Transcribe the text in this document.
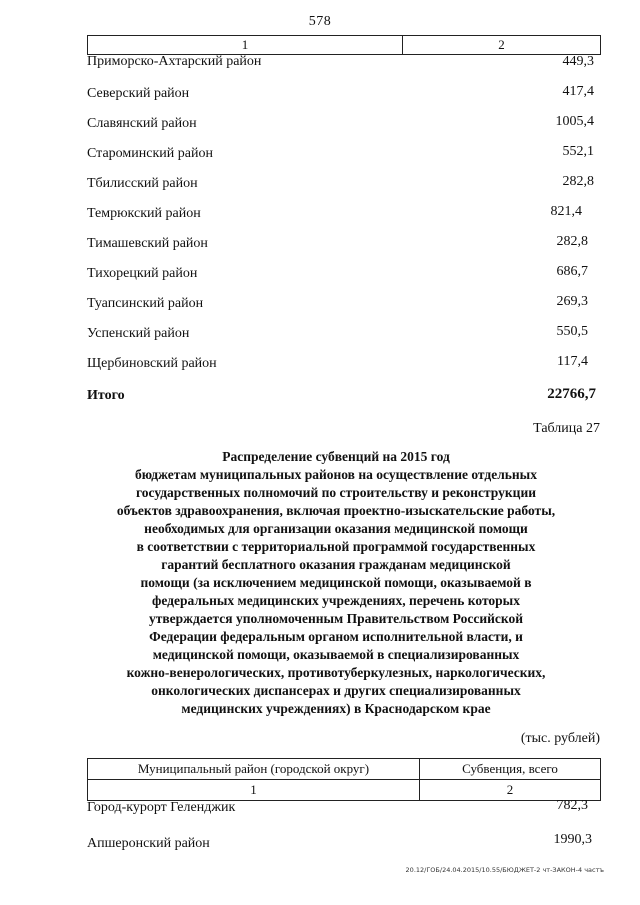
578
1	2
Приморско-Ахтарский район	449,3
Северский район	417,4
Славянский район	1005,4
Староминский район	552,1
Тбилисский район	282,8
Темрюкский район	821,4
Тимашевский район	282,8
Тихорецкий район	686,7
Туапсинский район	269,3
Успенский район	550,5
Щербиновский район	117,4
Итого	22766,7
Таблица 27
Распределение субвенций на 2015 год
бюджетам муниципальных районов на осуществление отдельных
государственных полномочий по строительству и реконструкции
объектов здравоохранения, включая проектно-изыскательские работы,
необходимых для организации оказания медицинской помощи
в соответствии с территориальной программой государственных
гарантий бесплатного оказания гражданам медицинской
помощи (за исключением медицинской помощи, оказываемой в
федеральных медицинских учреждениях, перечень которых
утверждается уполномоченным Правительством Российской
Федерации федеральным органом исполнительной власти, и
медицинской помощи, оказываемой в специализированных
кожно-венерологических, противотуберкулезных, наркологических,
онкологических диспансерах и других специализированных
медицинских учреждениях) в Краснодарском крае
(тыс. рублей)
Муниципальный район (городской округ)	Субвенция, всего
1	2
Город-курорт Геленджик	782,3
Апшеронский район	1990,3
20.12/ГОБ/24.04.2015/10.55/БЮДЖЕТ-2 чт-ЗАКОН-4 частъ
